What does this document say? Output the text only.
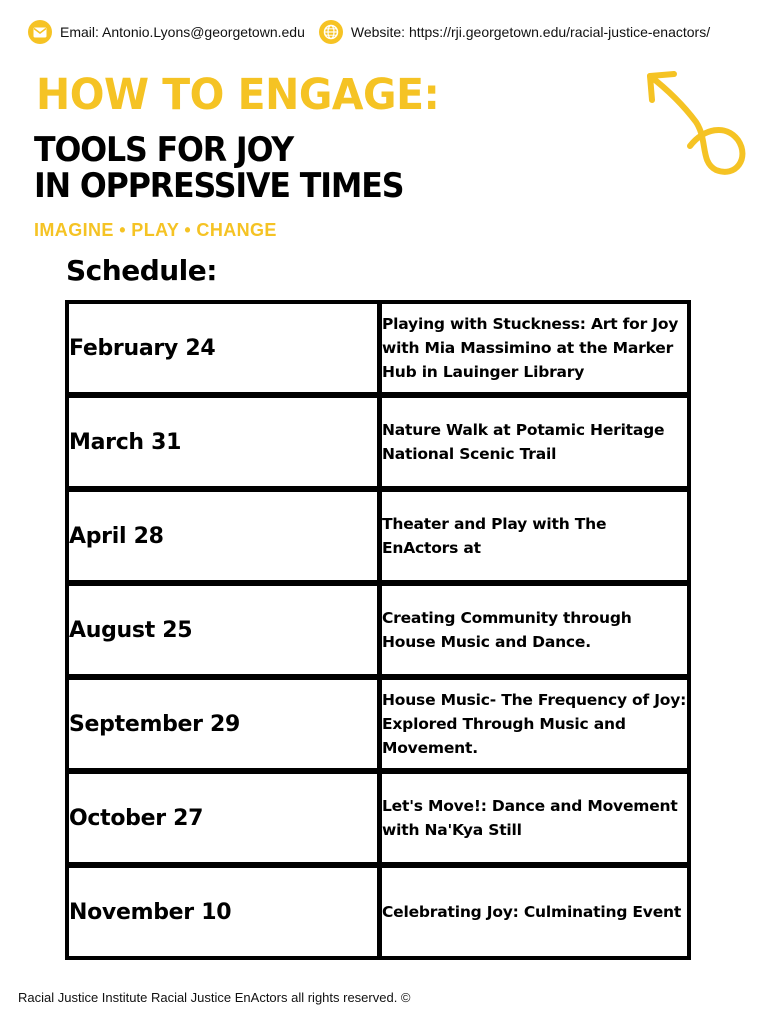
Email: Antonio.Lyons@georgetown.edu	Website: https://rji.georgetown.edu/racial-justice-enactors/
HOW TO ENGAGE:
TOOLS FOR JOY
IN OPPRESSIVE TIMES
IMAGINE • PLAY • CHANGE
Schedule:
February 24	Playing with Stuckness: Art for Joy with Mia Massimino at the Marker Hub in Lauinger Library
March 31	Nature Walk at Potamic Heritage National Scenic Trail
April 28	Theater and Play with The EnActors at
August 25	Creating Community through House Music and Dance.
September 29	House Music- The Frequency of Joy: Explored Through Music and Movement.
October 27	Let's Move!: Dance and Movement with Na'Kya Still
November 10	Celebrating Joy: Culminating Event
Racial Justice Institute Racial Justice EnActors all rights reserved. ©
